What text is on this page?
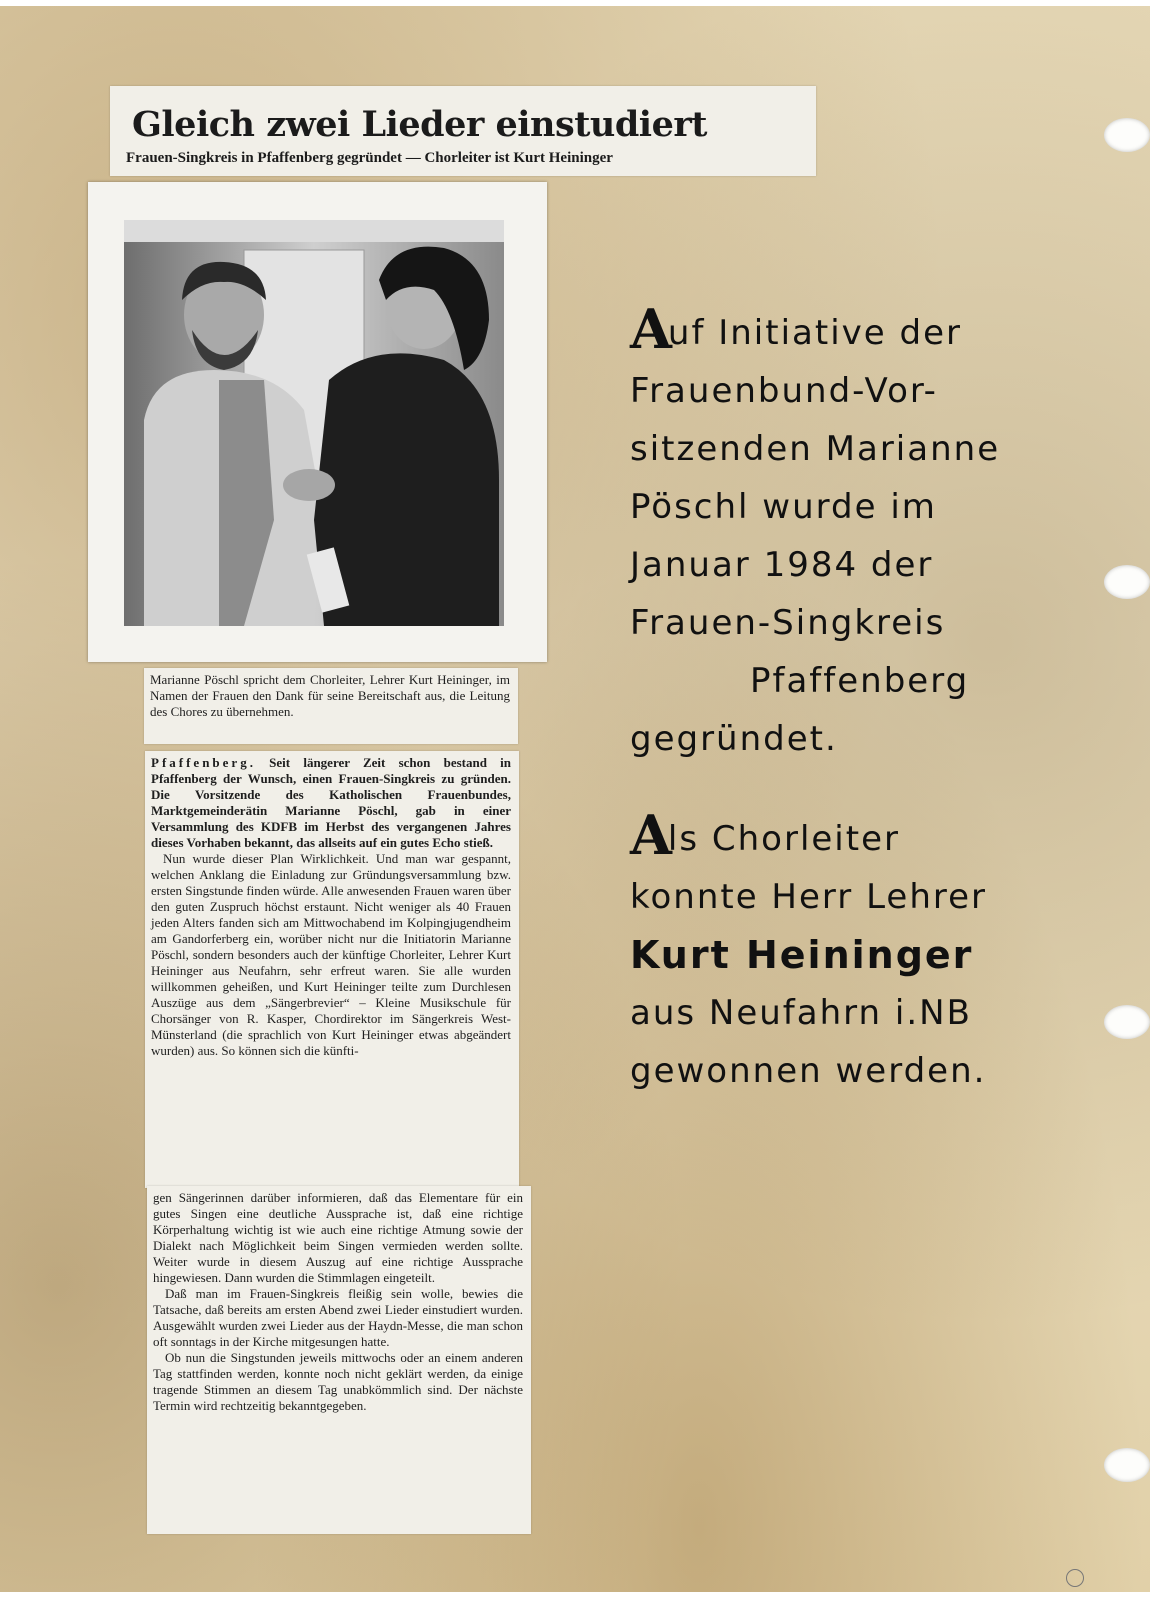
Gleich zwei Lieder einstudiert
Frauen-Singkreis in Pfaffenberg gegründet — Chorleiter ist Kurt Heininger
Marianne Pöschl spricht dem Chorleiter, Lehrer Kurt Heininger, im Namen der Frauen den Dank für seine Bereitschaft aus, die Leitung des Chores zu übernehmen.

Pfaffenberg. Seit längerer Zeit schon bestand in Pfaffenberg der Wunsch, einen Frauen-Singkreis zu gründen. Die Vorsitzende des Katholischen Frauenbundes, Marktgemeinderätin Marianne Pöschl, gab in einer Versammlung des KDFB im Herbst des vergangenen Jahres dieses Vorhaben bekannt, das allseits auf ein gutes Echo stieß.

Nun wurde dieser Plan Wirklichkeit. Und man war gespannt, welchen Anklang die Einladung zur Gründungsversammlung bzw. ersten Singstunde finden würde. Alle anwesenden Frauen waren über den guten Zuspruch höchst erstaunt. Nicht weniger als 40 Frauen jeden Alters fanden sich am Mittwochabend im Kolpingjugendheim am Gandorferberg ein, worüber nicht nur die Initiatorin Marianne Pöschl, sondern besonders auch der künftige Chorleiter, Lehrer Kurt Heininger aus Neufahrn, sehr erfreut waren. Sie alle wurden willkommen geheißen, und Kurt Heininger teilte zum Durchlesen Auszüge aus dem „Sängerbrevier“ – Kleine Musikschule für Chorsänger von R. Kasper, Chordirektor im Sängerkreis West-Münsterland (die sprachlich von Kurt Heininger etwas abgeändert wurden) aus. So können sich die künfti-

gen Sängerinnen darüber informieren, daß das Elementare für ein gutes Singen eine deutliche Aussprache ist, daß eine richtige Körperhaltung wichtig ist wie auch eine richtige Atmung sowie der Dialekt nach Möglichkeit beim Singen vermieden werden sollte. Weiter wurde in diesem Auszug auf eine richtige Aussprache hingewiesen. Dann wurden die Stimmlagen eingeteilt.

Daß man im Frauen-Singkreis fleißig sein wolle, bewies die Tatsache, daß bereits am ersten Abend zwei Lieder einstudiert wurden. Ausgewählt wurden zwei Lieder aus der Haydn-Messe, die man schon oft sonntags in der Kirche mitgesungen hatte.

Ob nun die Singstunden jeweils mittwochs oder an einem anderen Tag stattfinden werden, konnte noch nicht geklärt werden, da einige tragende Stimmen an diesem Tag unabkömmlich sind. Der nächste Termin wird rechtzeitig bekanntgegeben.

Auf Initiative der
Frauenbund-Vor-
sitzenden Marianne
Pöschl wurde im
Januar 1984 der
Frauen-Singkreis
Pfaffenberg
gegründet.
Als Chorleiter
konnte Herr Lehrer
Kurt Heininger
aus Neufahrn i.NB
gewonnen werden.
